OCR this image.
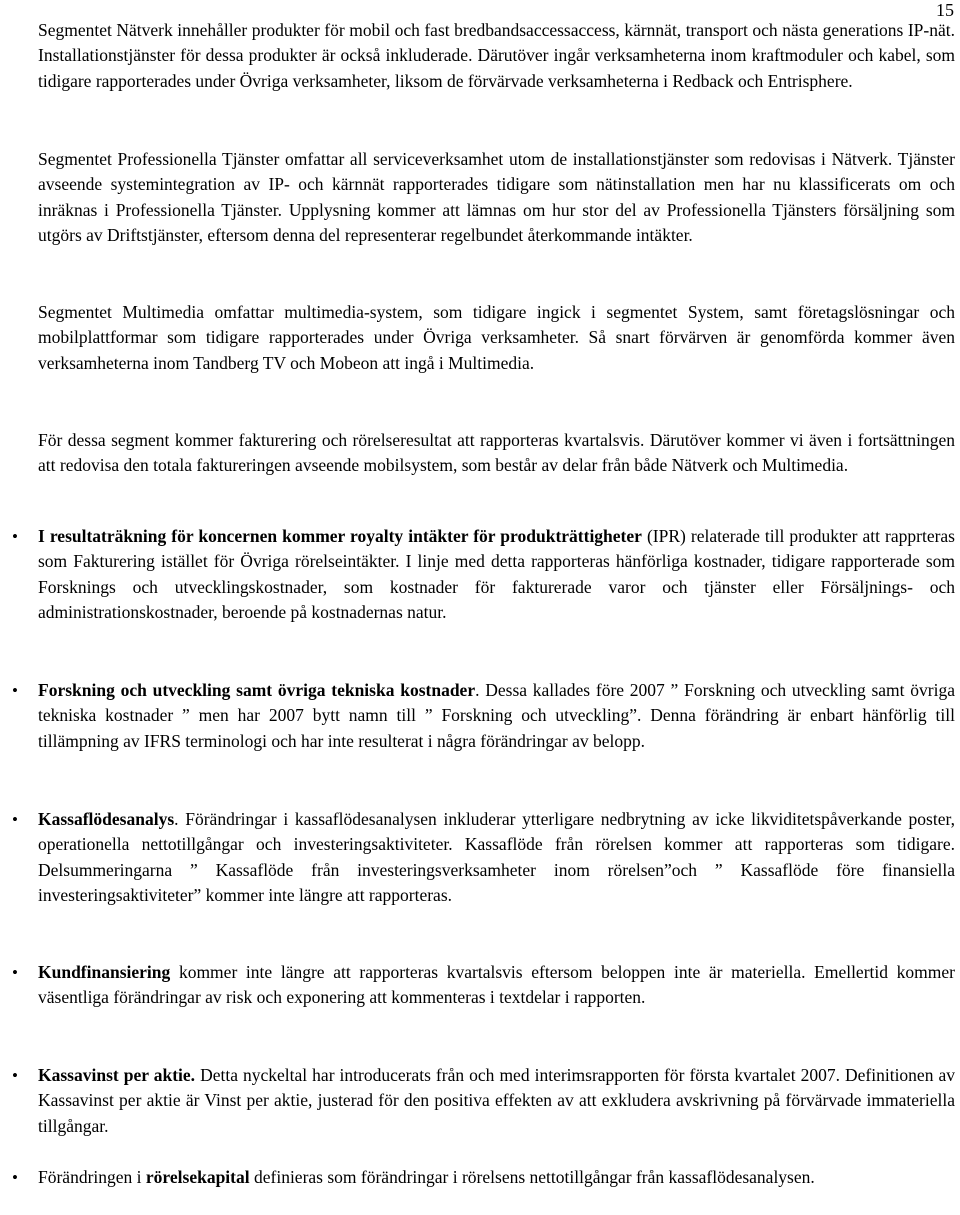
15

Segmentet Nätverk innehåller produkter för mobil och fast bredbandsaccessaccess, kärnnät, transport och nästa generations IP-nät. Installationstjänster för dessa produkter är också inkluderade. Därutöver ingår verksamheterna inom kraftmoduler och kabel, som tidigare rapporterades under Övriga verksamheter, liksom de förvärvade verksamheterna i Redback och Entrisphere.

Segmentet Professionella Tjänster omfattar all serviceverksamhet utom de installationstjänster som redovisas i Nätverk. Tjänster avseende systemintegration av IP- och kärnnät rapporterades tidigare som nätinstallation men har nu klassificerats om och inräknas i Professionella Tjänster. Upplysning kommer att lämnas om hur stor del av Professionella Tjänsters försäljning som utgörs av Driftstjänster, eftersom denna del representerar regelbundet återkommande intäkter.

Segmentet Multimedia omfattar multimedia-system, som tidigare ingick i segmentet System, samt företagslösningar och mobilplattformar som tidigare rapporterades under Övriga verksamheter. Så snart förvärven är genomförda kommer även verksamheterna inom Tandberg TV och Mobeon att ingå i Multimedia.

För dessa segment kommer fakturering och rörelseresultat att rapporteras kvartalsvis. Därutöver kommer vi även i fortsättningen att redovisa den totala faktureringen avseende mobilsystem, som består av delar från både Nätverk och Multimedia.

• I resultaträkning för koncernen kommer royalty intäkter för produkträttigheter (IPR) relaterade till produkter att rapprteras som Fakturering istället för Övriga rörelseintäkter. I linje med detta rapporteras hänförliga kostnader, tidigare rapporterade som Forsknings och utvecklingskostnader, som kostnader för fakturerade varor och tjänster eller Försäljnings- och administrationskostnader, beroende på kostnadernas natur.
• Forskning och utveckling samt övriga tekniska kostnader. Dessa kallades före 2007 ” Forskning och utveckling samt övriga tekniska kostnader ” men har 2007 bytt namn till ” Forskning och utveckling”. Denna förändring är enbart hänförlig till tillämpning av IFRS terminologi och har inte resulterat i några förändringar av belopp.
• Kassaflödesanalys. Förändringar i kassaflödesanalysen inkluderar ytterligare nedbrytning av icke likviditetspåverkande poster, operationella nettotillgångar och investeringsaktiviteter. Kassaflöde från rörelsen kommer att rapporteras som tidigare. Delsummeringarna ” Kassaflöde från investeringsverksamheter inom rörelsen”och ” Kassaflöde före finansiella investeringsaktiviteter” kommer inte längre att rapporteras.
• Kundfinansiering kommer inte längre att rapporteras kvartalsvis eftersom beloppen inte är materiella. Emellertid kommer väsentliga förändringar av risk och exponering att kommenteras i textdelar i rapporten.
• Kassavinst per aktie. Detta nyckeltal har introducerats från och med interimsrapporten för första kvartalet 2007. Definitionen av Kassavinst per aktie är Vinst per aktie, justerad för den positiva effekten av att exkludera avskrivning på förvärvade immateriella tillgångar.
• Förändringen i rörelsekapital definieras som förändringar i rörelsens nettotillgångar från kassaflödesanalysen.
